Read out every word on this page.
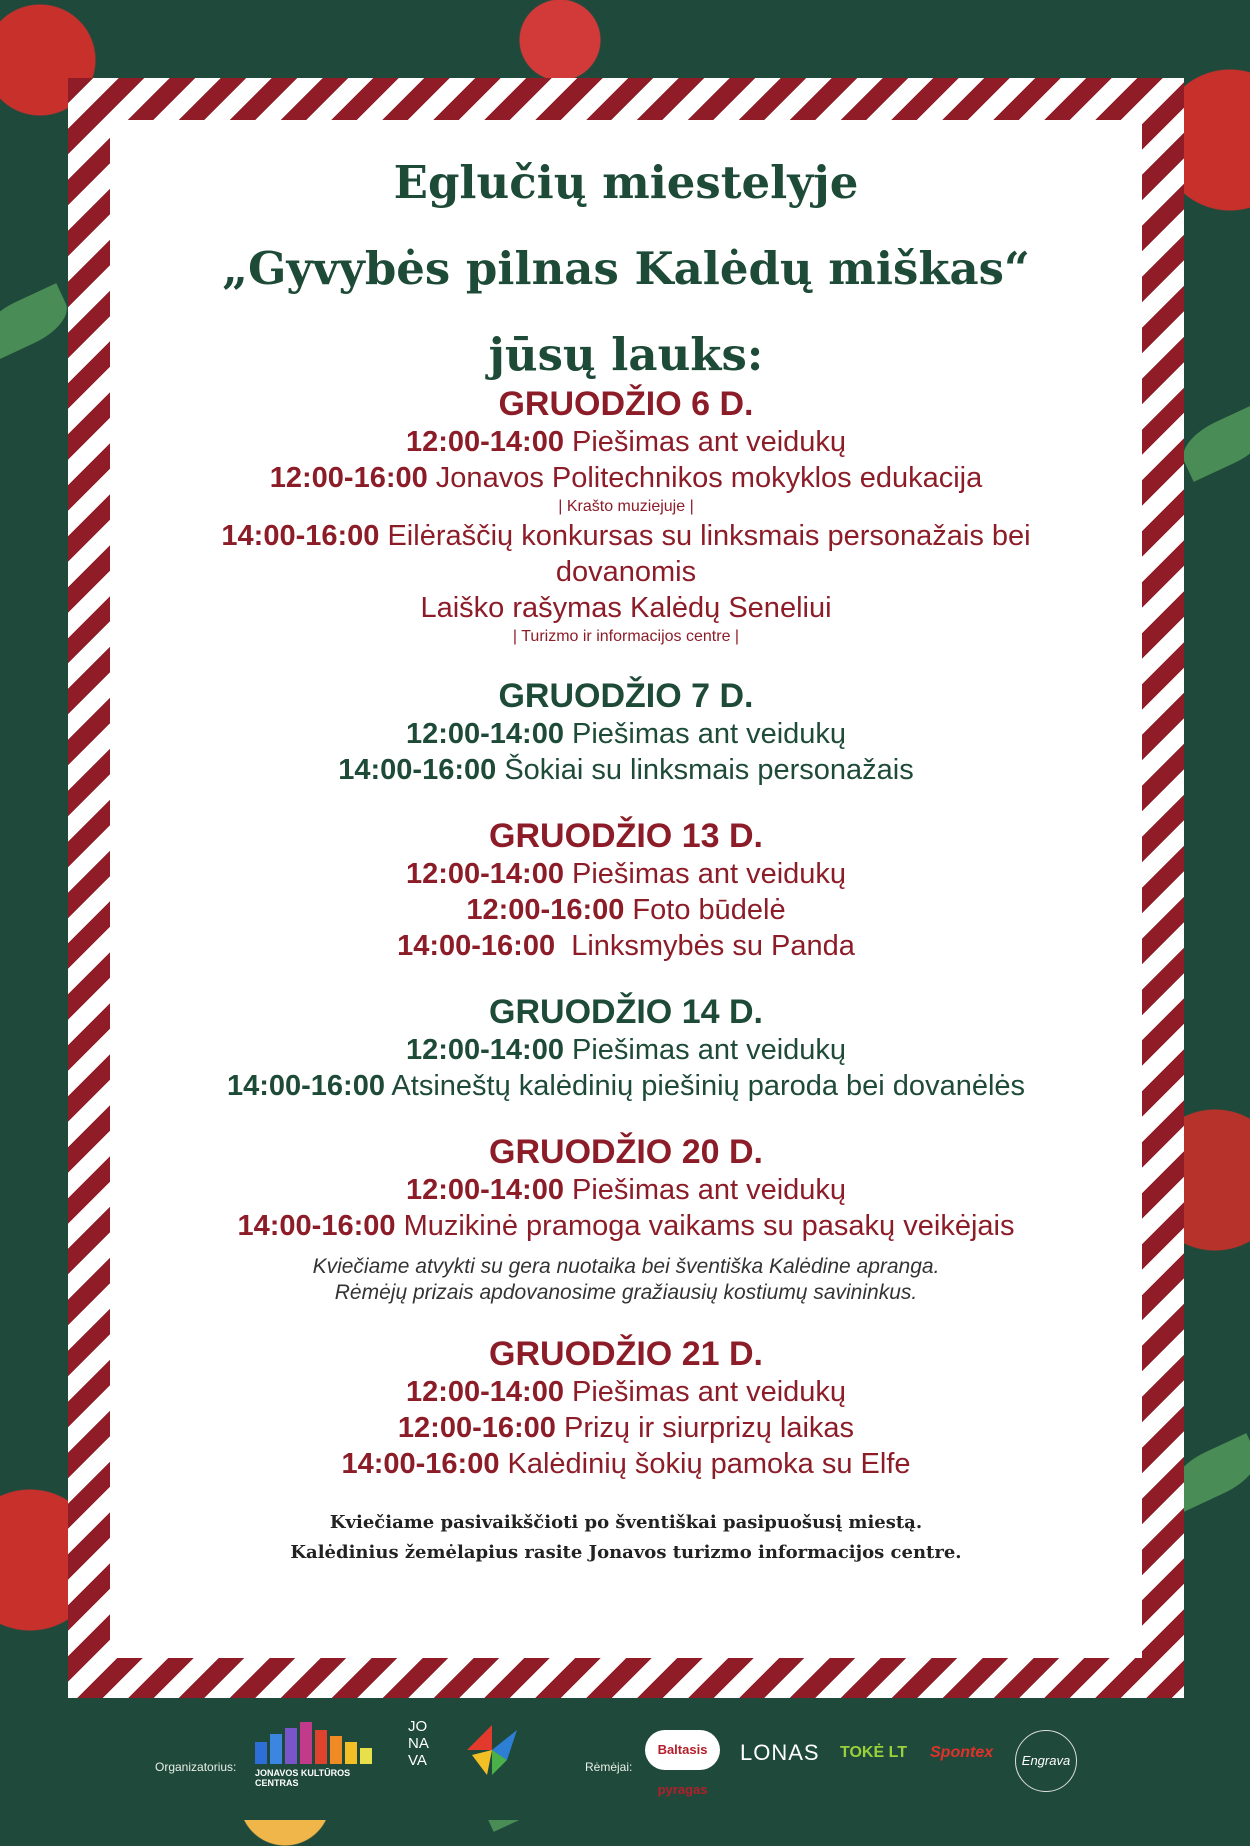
Eglučių miestelyje
„Gyvybės pilnas Kalėdų miškas“
jūsų lauks:

GRUODŽIO 6 D.

12:00-14:00 Piešimas ant veidukų

12:00-16:00 Jonavos Politechnikos mokyklos edukacija

| Krašto muziejuje |

14:00-16:00 Eilėraščių konkursas su linksmais personažais bei dovanomis

Laiško rašymas Kalėdų Seneliui

| Turizmo ir informacijos centre |

GRUODŽIO 7 D.

12:00-14:00 Piešimas ant veidukų

14:00-16:00 Šokiai su linksmais personažais

GRUODŽIO 13 D.

12:00-14:00 Piešimas ant veidukų

12:00-16:00 Foto būdelė

14:00-16:00  Linksmybės su Panda

GRUODŽIO 14 D.

12:00-14:00 Piešimas ant veidukų

14:00-16:00 Atsineštų kalėdinių piešinių paroda bei dovanėlės

GRUODŽIO 20 D.

12:00-14:00 Piešimas ant veidukų

14:00-16:00 Muzikinė pramoga vaikams su pasakų veikėjais

Kviečiame atvykti su gera nuotaika bei šventiška Kalėdine apranga.

Rėmėjų prizais apdovanosime gražiausių kostiumų savininkus.

GRUODŽIO 21 D.

12:00-14:00 Piešimas ant veidukų

12:00-16:00 Prizų ir siurprizų laikas

14:00-16:00 Kalėdinių šokių pamoka su Elfe

Kviečiame pasivaikščioti po šventiškai pasipuošusį miestą.

Kalėdinius žemėlapius rasite Jonavos turizmo informacijos centre.

Organizatorius: JONAVOS KULTŪROS CENTRAS
JONAVA	Rėmėjai:
Baltasis pyragas
LONAS TOKĖ LT Spontex	Engrava
